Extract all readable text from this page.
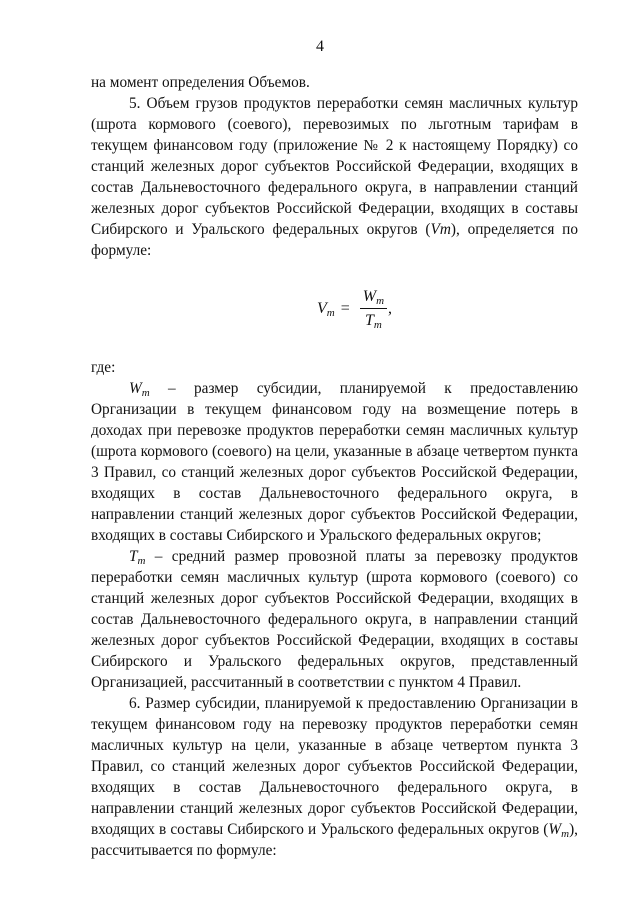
4

на момент определения Объемов.

5. Объем грузов продуктов переработки семян масличных культур (шрота кормового (соевого), перевозимых по льготным тарифам в текущем финансовом году (приложение № 2 к настоящему Порядку) со станций железных дорог субъектов Российской Федерации, входящих в состав Дальневосточного федерального округа, в направлении станций железных дорог субъектов Российской Федерации, входящих в составы Сибирского и Уральского федеральных округов (Vm), определяется по формуле:

$V_m = \frac{W_m}{T_m}$ ,

где:

$W_m$ – размер субсидии, планируемой к предоставлению Организации в текущем финансовом году на возмещение потерь в доходах при перевозке продуктов переработки семян масличных культур (шрота кормового (соевого) на цели, указанные в абзаце четвертом пункта 3 Правил, со станций железных дорог субъектов Российской Федерации, входящих в состав Дальневосточного федерального округа, в направлении станций железных дорог субъектов Российской Федерации, входящих в составы Сибирского и Уральского федеральных округов;

$T_m$ – средний размер провозной платы за перевозку продуктов переработки семян масличных культур (шрота кормового (соевого) со станций железных дорог субъектов Российской Федерации, входящих в состав Дальневосточного федерального округа, в направлении станций железных дорог субъектов Российской Федерации, входящих в составы Сибирского и Уральского федеральных округов, представленный Организацией, рассчитанный в соответствии с пунктом 4 Правил.

6. Размер субсидии, планируемой к предоставлению Организации в текущем финансовом году на перевозку продуктов переработки семян масличных культур на цели, указанные в абзаце четвертом пункта 3 Правил, со станций железных дорог субъектов Российской Федерации, входящих в состав Дальневосточного федерального округа, в направлении станций железных дорог субъектов Российской Федерации, входящих в составы Сибирского и Уральского федеральных округов $(W_m)$, рассчитывается по формуле:
